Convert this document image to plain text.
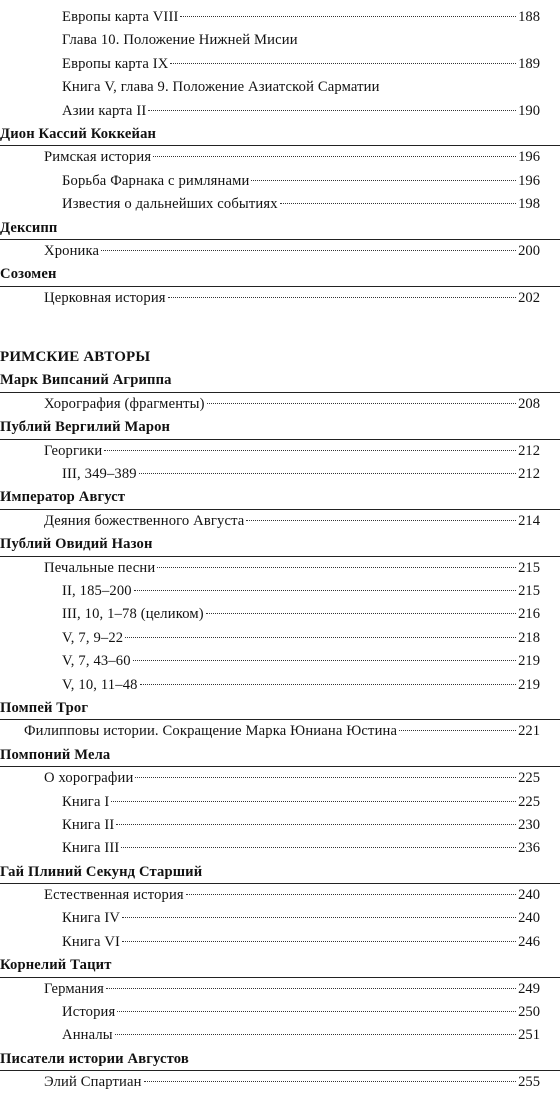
Европы карта VIII	188
Глава 10. Положение Нижней Мисии
Европы карта IX	189
Книга V, глава 9. Положение Азиатской Сарматии
Азии карта II	190
Дион Кассий Коккейан
Римская история	196
Борьба Фарнака с римлянами	196
Известия о дальнейших событиях	198
Дексипп
Хроника	200
Созомен
Церковная история	202
РИМСКИЕ АВТОРЫ
Марк Випсаний Агриппа
Хорография (фрагменты)	208
Публий Вергилий Марон
Георгики	212
III, 349–389	212
Император Август
Деяния божественного Августа	214
Публий Овидий Назон
Печальные песни	215
II, 185–200	215
III, 10, 1–78 (целиком)	216
V, 7, 9–22	218
V, 7, 43–60	219
V, 10, 11–48	219
Помпей Трог
Филипповы истории. Сокращение Марка Юниана Юстина	221
Помпоний Мела
О хорографии	225
Книга I	225
Книга II	230
Книга III	236
Гай Плиний Секунд Старший
Естественная история	240
Книга IV	240
Книга VI	246
Корнелий Тацит
Германия	249
История	250
Анналы	251
Писатели истории Августов
Элий Спартиан	255
